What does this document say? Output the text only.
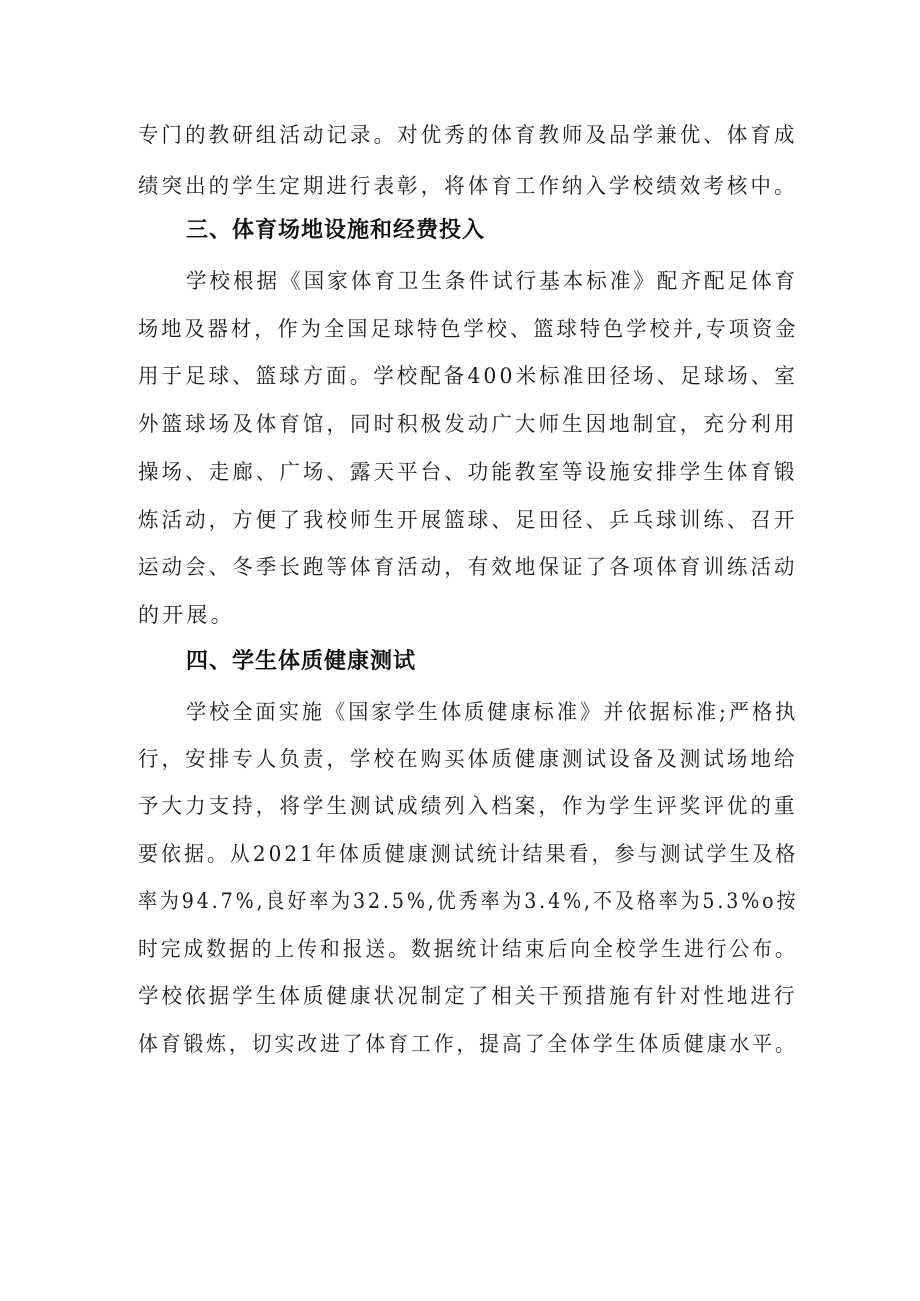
专门的教研组活动记录。对优秀的体育教师及品学兼优、体育成
绩突出的学生定期进行表彰，将体育工作纳入学校绩效考核中。
三、体育场地设施和经费投入
学校根据《国家体育卫生条件试行基本标准》配齐配足体育
场地及器材，作为全国足球特色学校、篮球特色学校并,专项资金
用于足球、篮球方面。学校配备400米标准田径场、足球场、室
外篮球场及体育馆，同时积极发动广大师生因地制宜，充分利用
操场、走廊、广场、露天平台、功能教室等设施安排学生体育锻
炼活动，方便了我校师生开展篮球、足田径、乒乓球训练、召开
运动会、冬季长跑等体育活动，有效地保证了各项体育训练活动
的开展。
四、学生体质健康测试
学校全面实施《国家学生体质健康标准》并依据标准;严格执
行，安排专人负责，学校在购买体质健康测试设备及测试场地给
予大力支持，将学生测试成绩列入档案，作为学生评奖评优的重
要依据。从2021年体质健康测试统计结果看，参与测试学生及格
率为94.7%,良好率为32.5%,优秀率为3.4%,不及格率为5.3%o按
时完成数据的上传和报送。数据统计结束后向全校学生进行公布。
学校依据学生体质健康状况制定了相关干预措施有针对性地进行
体育锻炼，切实改进了体育工作，提高了全体学生体质健康水平。
